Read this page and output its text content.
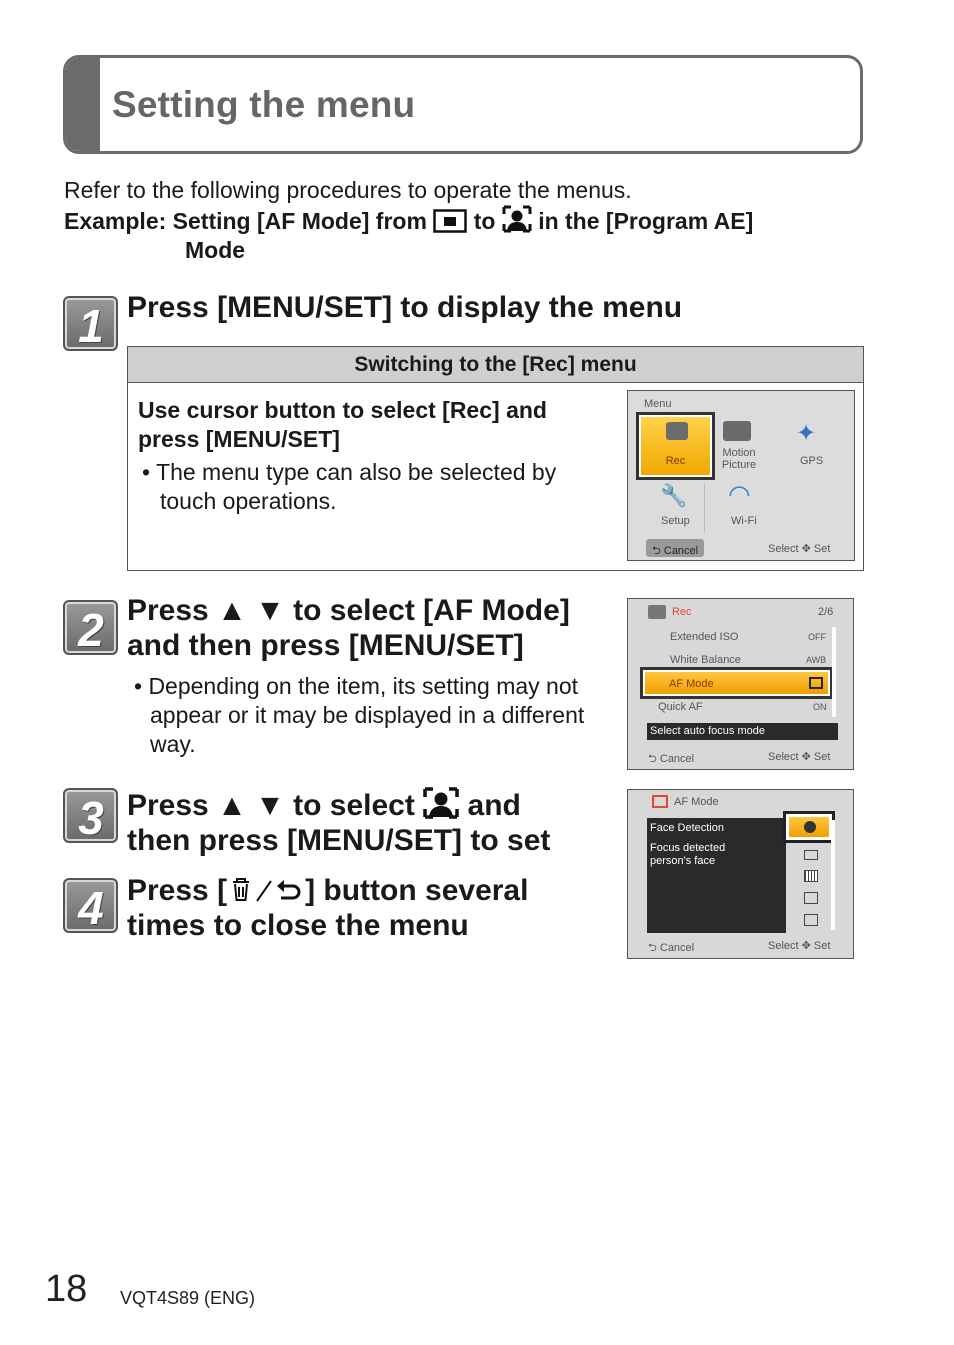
Setting the menu
Refer to the following procedures to operate the menus.
Example: Setting [AF Mode] from to in the [Program AE]
Mode
1 Press [MENU/SET] to display the menu
Switching to the [Rec] menu
Use cursor button to select [Rec] and press [MENU/SET]
• The menu type can also be selected by touch operations.
Menu
Rec
Motion Picture
✦
GPS
🔧
Setup
◠
Wi-Fi
⮌ Cancel	Select ✥ Set
2 Press ▲ ▼ to select [AF Mode]
and then press [MENU/SET]
• Depending on the item, its setting may not appear or it may be displayed in a different way.
Rec	2/6
Extended ISO	OFF
White Balance	AWB
AF Mode
Quick AF	ON
Select auto focus mode
⮌ Cancel	Select ✥ Set
3 Press ▲ ▼ to select and
then press [MENU/SET] to set
4 Press [	] button several
times to close the menu
AF Mode
Face Detection
Focus detected person's face
⮌ Cancel	Select ✥ Set
18 VQT4S89 (ENG)
